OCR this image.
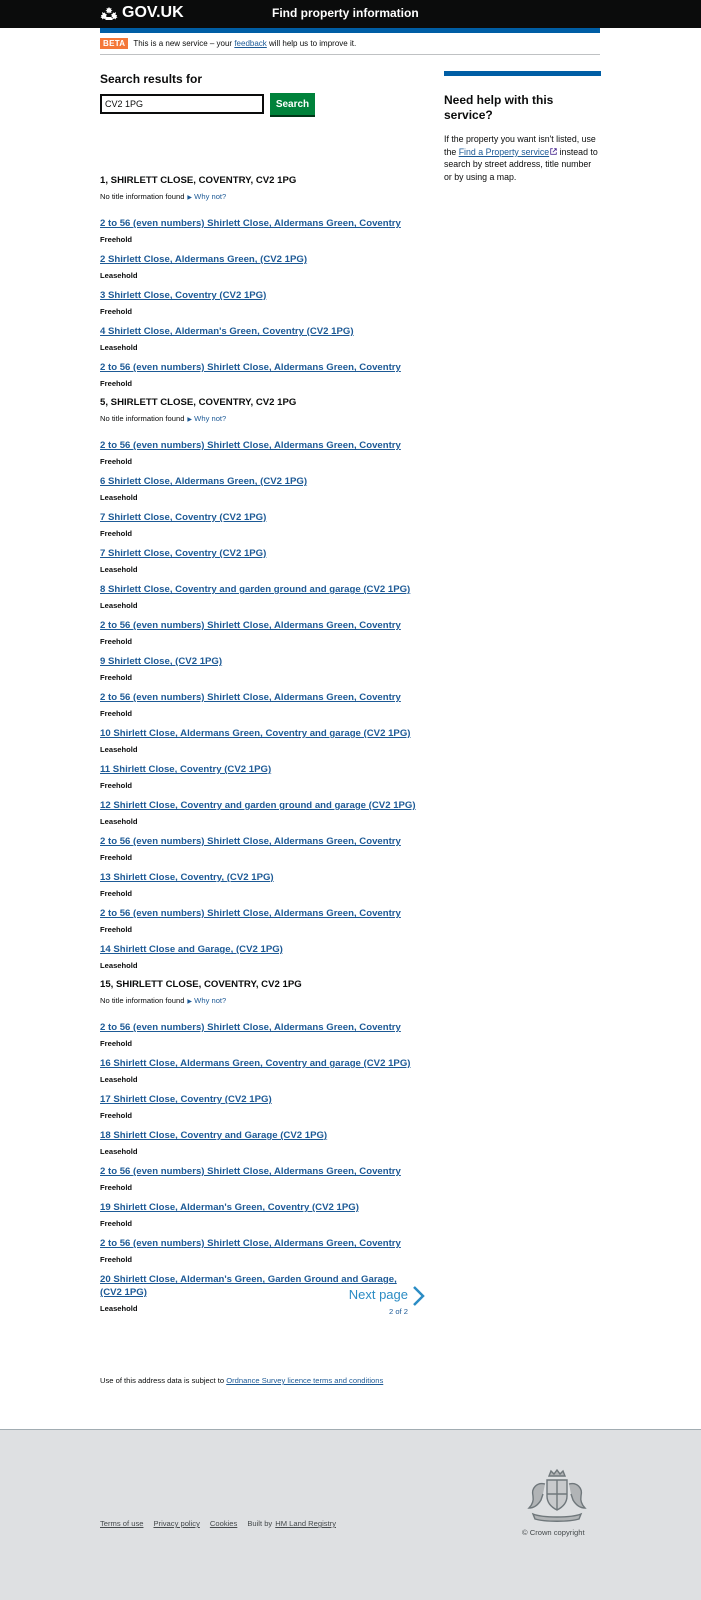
GOV.UK	Find property information
BETA	This is a new service – your
feedback
will help us to improve it.
Search results for
CV2 1PG
Search
1, SHIRLETT CLOSE, COVENTRY, CV2 1PG
No title information found ▶ Why not?
2 to 56 (even numbers) Shirlett Close, Aldermans Green, Coventry
Freehold
2 Shirlett Close, Aldermans Green, (CV2 1PG)
Leasehold
3 Shirlett Close, Coventry (CV2 1PG)
Freehold
4 Shirlett Close, Alderman's Green, Coventry (CV2 1PG)
Leasehold
2 to 56 (even numbers) Shirlett Close, Aldermans Green, Coventry
Freehold
5, SHIRLETT CLOSE, COVENTRY, CV2 1PG
No title information found ▶ Why not?
2 to 56 (even numbers) Shirlett Close, Aldermans Green, Coventry
Freehold
6 Shirlett Close, Aldermans Green, (CV2 1PG)
Leasehold
7 Shirlett Close, Coventry (CV2 1PG)
Freehold
7 Shirlett Close, Coventry (CV2 1PG)
Leasehold
8 Shirlett Close, Coventry and garden ground and garage (CV2 1PG)
Leasehold
2 to 56 (even numbers) Shirlett Close, Aldermans Green, Coventry
Freehold
9 Shirlett Close, (CV2 1PG)
Freehold
2 to 56 (even numbers) Shirlett Close, Aldermans Green, Coventry
Freehold
10 Shirlett Close, Aldermans Green, Coventry and garage (CV2 1PG)
Leasehold
11 Shirlett Close, Coventry (CV2 1PG)
Freehold
12 Shirlett Close, Coventry and garden ground and garage (CV2 1PG)
Leasehold
2 to 56 (even numbers) Shirlett Close, Aldermans Green, Coventry
Freehold
13 Shirlett Close, Coventry, (CV2 1PG)
Freehold
2 to 56 (even numbers) Shirlett Close, Aldermans Green, Coventry
Freehold
14 Shirlett Close and Garage, (CV2 1PG)
Leasehold
15, SHIRLETT CLOSE, COVENTRY, CV2 1PG
No title information found ▶ Why not?
2 to 56 (even numbers) Shirlett Close, Aldermans Green, Coventry
Freehold
16 Shirlett Close, Aldermans Green, Coventry and garage (CV2 1PG)
Leasehold
17 Shirlett Close, Coventry (CV2 1PG)
Freehold
18 Shirlett Close, Coventry and Garage (CV2 1PG)
Leasehold
2 to 56 (even numbers) Shirlett Close, Aldermans Green, Coventry
Freehold
19 Shirlett Close, Alderman's Green, Coventry (CV2 1PG)
Freehold
2 to 56 (even numbers) Shirlett Close, Aldermans Green, Coventry
Freehold
20 Shirlett Close, Alderman's Green, Garden Ground and Garage, (CV2 1PG)
Leasehold
Next page
2 of 2
Use of this address data is subject to Ordnance Survey licence terms and conditions
Need help with this service?
If the property you want isn't listed, use the Find a Property service instead to search by street address, title number or by using a map.
Terms of use Privacy policy Cookies Built by HM Land Registry
© Crown copyright
